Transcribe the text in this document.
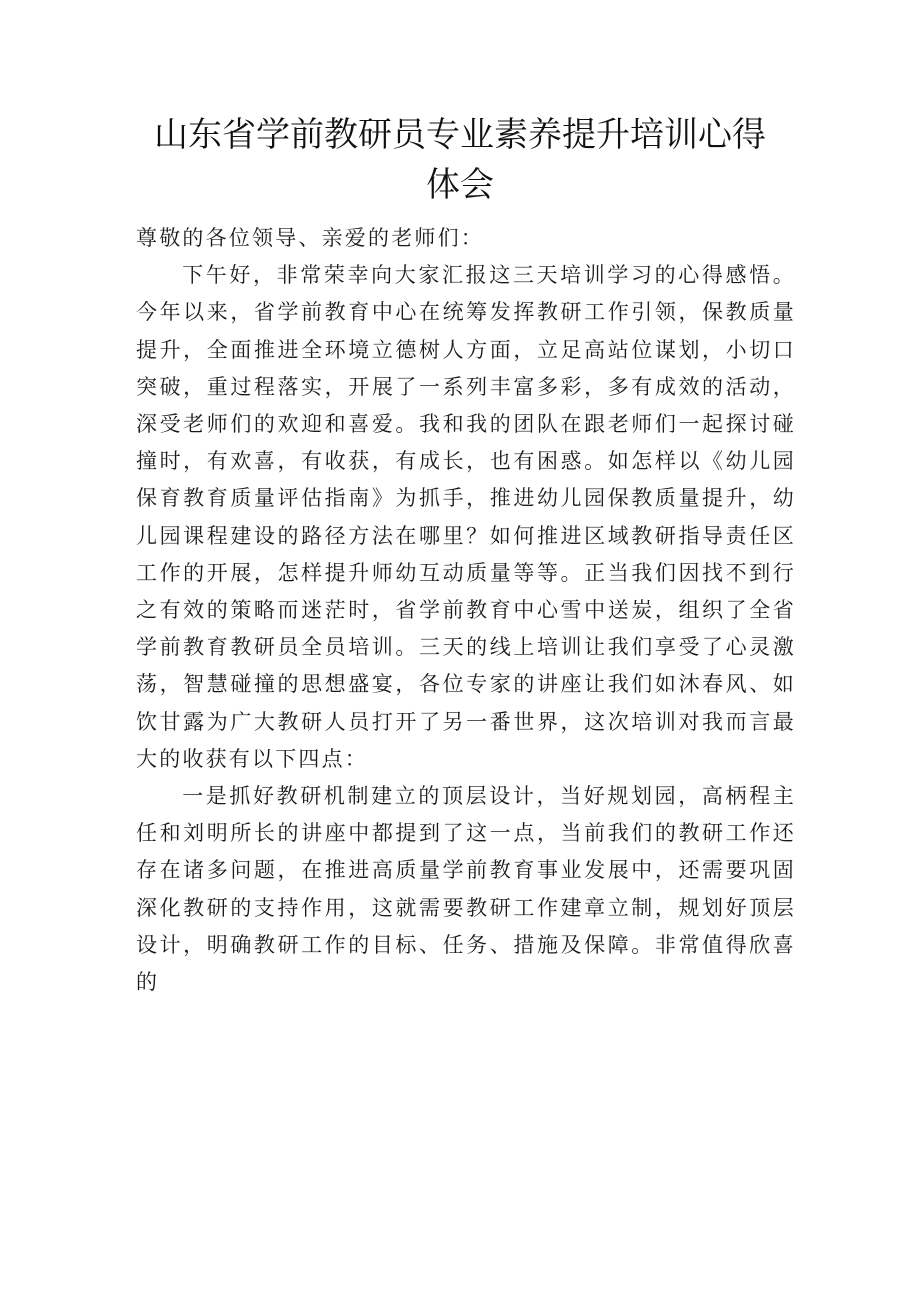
山东省学前教研员专业素养提升培训心得
体会

尊敬的各位领导、亲爱的老师们：

下午好，非常荣幸向大家汇报这三天培训学习的心得感悟。今年以来，省学前教育中心在统筹发挥教研工作引领，保教质量提升，全面推进全环境立德树人方面，立足高站位谋划，小切口突破，重过程落实，开展了一系列丰富多彩，多有成效的活动，深受老师们的欢迎和喜爱。我和我的团队在跟老师们一起探讨碰撞时，有欢喜，有收获，有成长，也有困惑。如怎样以《幼儿园保育教育质量评估指南》为抓手，推进幼儿园保教质量提升，幼儿园课程建设的路径方法在哪里？如何推进区域教研指导责任区工作的开展，怎样提升师幼互动质量等等。正当我们因找不到行之有效的策略而迷茫时，省学前教育中心雪中送炭，组织了全省学前教育教研员全员培训。三天的线上培训让我们享受了心灵激荡，智慧碰撞的思想盛宴，各位专家的讲座让我们如沐春风、如饮甘露为广大教研人员打开了另一番世界，这次培训对我而言最大的收获有以下四点：

一是抓好教研机制建立的顶层设计，当好规划园，高柄程主任和刘明所长的讲座中都提到了这一点，当前我们的教研工作还存在诸多问题，在推进高质量学前教育事业发展中，还需要巩固深化教研的支持作用，这就需要教研工作建章立制，规划好顶层设计，明确教研工作的目标、任务、措施及保障。非常值得欣喜的
